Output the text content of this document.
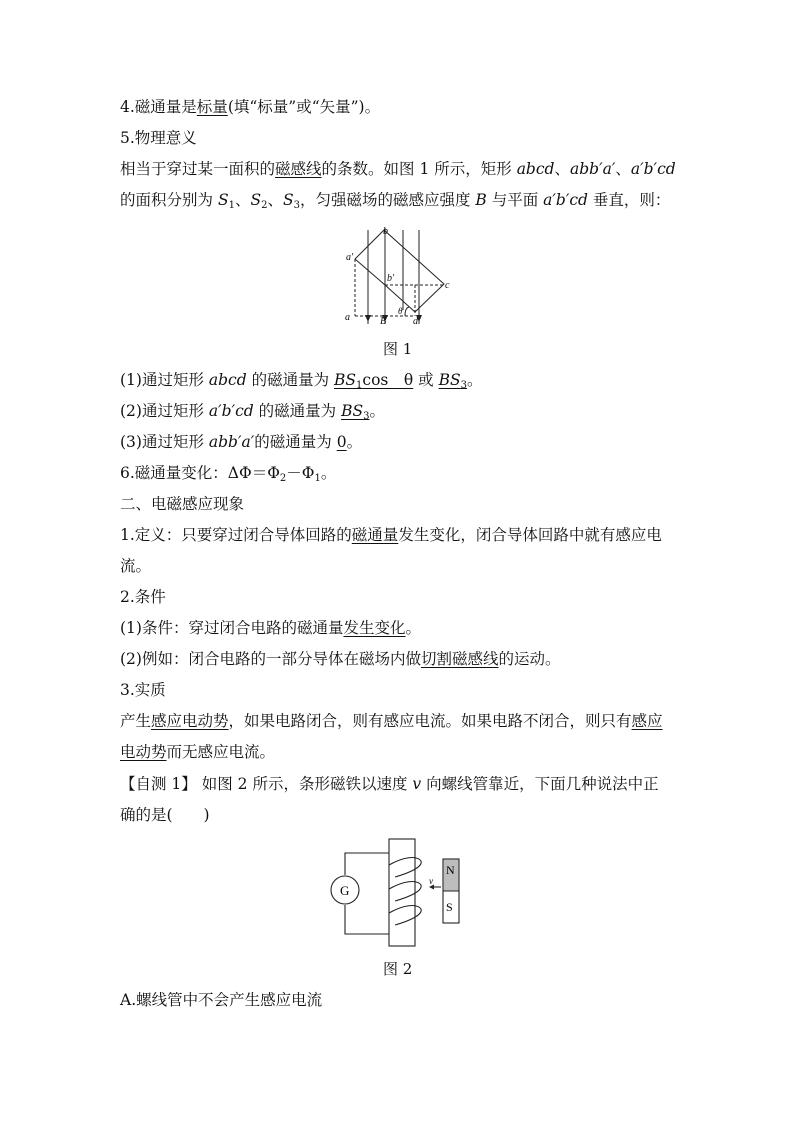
4.磁通量是标量(填“标量”或“矢量”)。
5.物理意义
相当于穿过某一面积的磁感线的条数。如图 1 所示，矩形 abcd、abb′a′、a′b′cd
的面积分别为 $S_1$、$S_2$、$S_3$，匀强磁场的磁感应强度 B 与平面 a′b′cd 垂直，则：
a′
b
b′
c
a	d
B
θ
图 1
(1)通过矩形 abcd 的磁通量为 $BS_1\cos$　θ 或 $BS_3$。
(2)通过矩形 a′b′cd 的磁通量为 $BS_3$。
(3)通过矩形 abb′a′的磁通量为 0。
6.磁通量变化：$\Delta\Phi=\Phi_2-\Phi_1$。
二、电磁感应现象
1.定义：只要穿过闭合导体回路的磁通量发生变化，闭合导体回路中就有感应电
流。
2.条件
(1)条件：穿过闭合电路的磁通量发生变化。
(2)例如：闭合电路的一部分导体在磁场内做切割磁感线的运动。
3.实质
产生感应电动势，如果电路闭合，则有感应电流。如果电路不闭合，则只有感应
电动势而无感应电流。
【自测 1】 如图 2 所示，条形磁铁以速度 v 向螺线管靠近，下面几种说法中正
确的是(　　)
G
N
S
v
图 2
A.螺线管中不会产生感应电流
